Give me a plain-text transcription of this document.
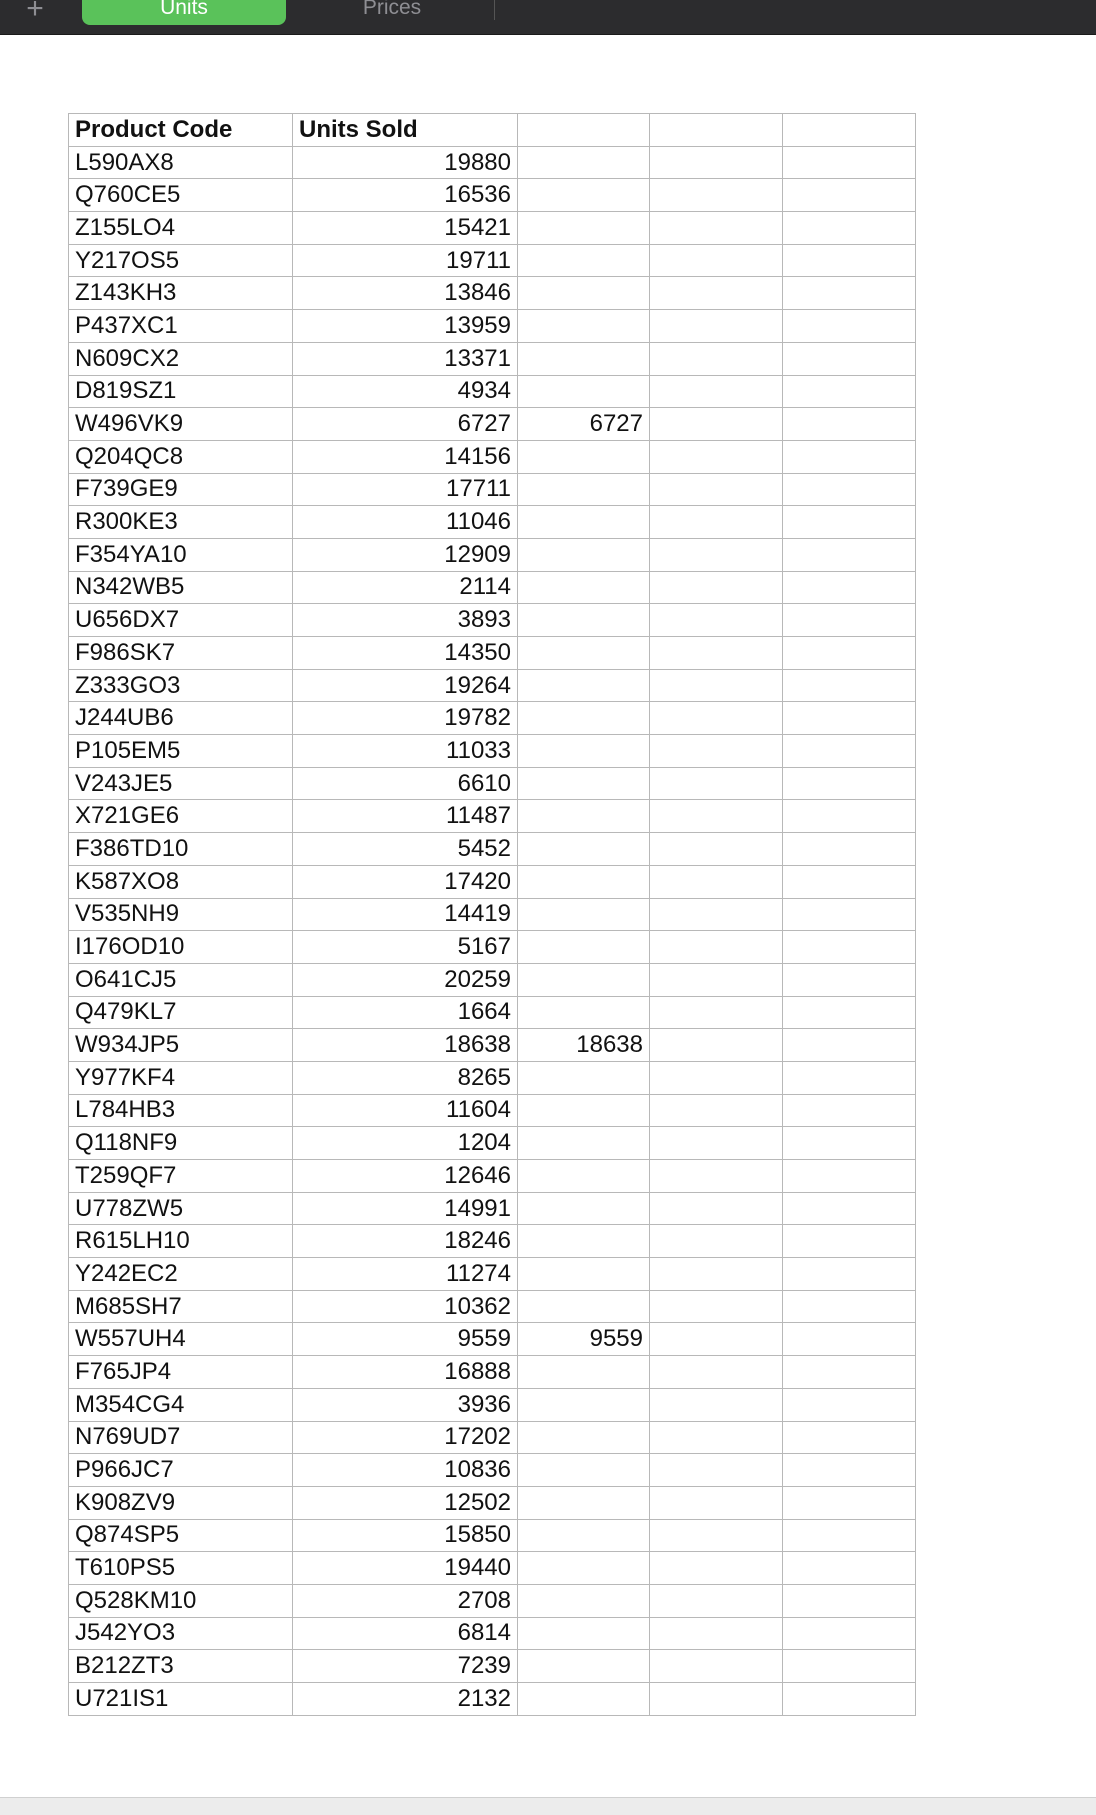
+	Units	Prices
Product Code	Units Sold			
L590AX8	19880			
Q760CE5	16536			
Z155LO4	15421			
Y217OS5	19711			
Z143KH3	13846			
P437XC1	13959			
N609CX2	13371			
D819SZ1	4934			
W496VK9	6727	6727		
Q204QC8	14156			
F739GE9	17711			
R300KE3	11046			
F354YA10	12909			
N342WB5	2114			
U656DX7	3893			
F986SK7	14350			
Z333GO3	19264			
J244UB6	19782			
P105EM5	11033			
V243JE5	6610			
X721GE6	11487			
F386TD10	5452			
K587XO8	17420			
V535NH9	14419			
I176OD10	5167			
O641CJ5	20259			
Q479KL7	1664			
W934JP5	18638	18638		
Y977KF4	8265			
L784HB3	11604			
Q118NF9	1204			
T259QF7	12646			
U778ZW5	14991			
R615LH10	18246			
Y242EC2	11274			
M685SH7	10362			
W557UH4	9559	9559		
F765JP4	16888			
M354CG4	3936			
N769UD7	17202			
P966JC7	10836			
K908ZV9	12502			
Q874SP5	15850			
T610PS5	19440			
Q528KM10	2708			
J542YO3	6814			
B212ZT3	7239			
U721IS1	2132			
